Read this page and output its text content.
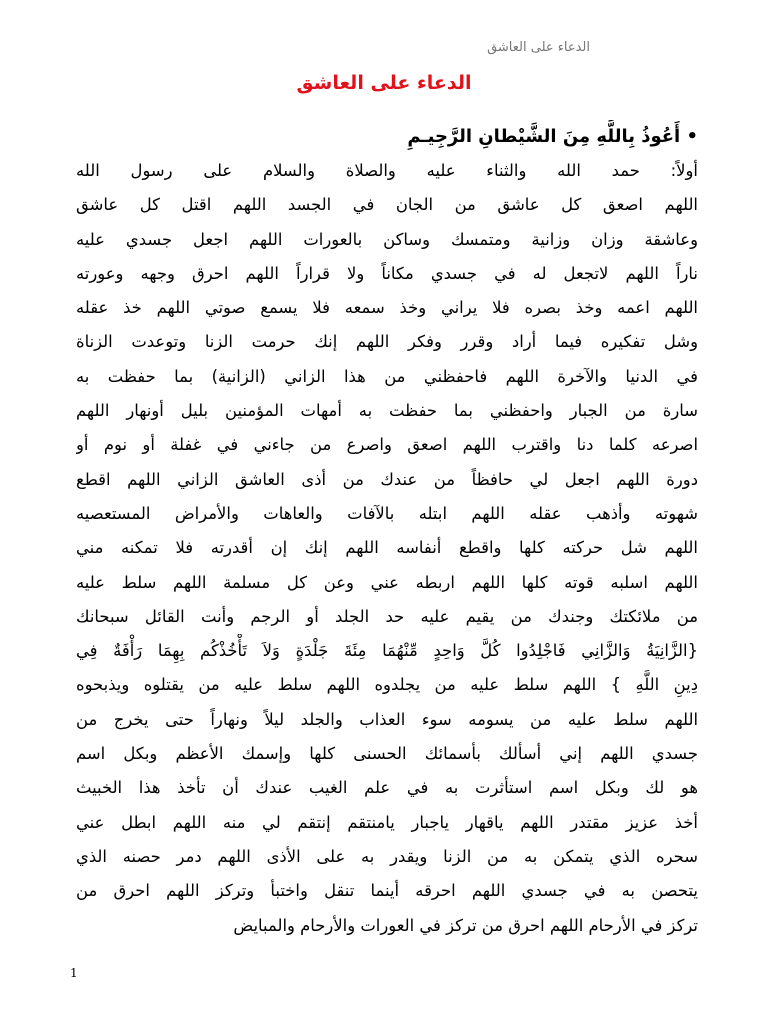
الدعاء على العاشق
الدعاء على العاشق

• أَعُوذُ بِاللَّهِ مِنَ الشَّيْطانِ الرَّجِيـمِ

أولاً: حمد الله والثناء عليه والصلاة والسلام على رسول الله

اللهم اصعق كل عاشق من الجان في الجسد اللهم اقتل كل عاشق

وعاشقة وزان وزانية ومتمسك وساكن بالعورات اللهم اجعل جسدي عليه

ناراً اللهم لاتجعل له في جسدي مكاناً ولا قراراً اللهم احرق وجهه وعورته

اللهم اعمه وخذ بصره فلا يراني وخذ سمعه فلا يسمع صوتي اللهم خذ عقله

وشل تفكيره فيما أراد وقرر وفكر اللهم إنك حرمت الزنا وتوعدت الزناة

في الدنيا والآخرة اللهم فاحفظني من هذا الزاني (الزانية) بما حفظت به

سارة من الجبار واحفظني بما حفظت به أمهات المؤمنين بليل أونهار اللهم

اصرعه كلما دنا واقترب اللهم اصعق واصرع من جاءني في غفلة أو نوم أو

دورة اللهم اجعل لي حافظاً من عندك من أذى العاشق الزاني اللهم اقطع

شهوته وأذهب عقله اللهم ابتله بالآفات والعاهات والأمراض المستعصيه

اللهم شل حركته كلها واقطع أنفاسه اللهم إنك إن أقدرته فلا تمكنه مني

اللهم اسلبه قوته كلها اللهم اربطه عني وعن كل مسلمة اللهم سلط عليه

من ملائكتك وجندك من يقيم عليه حد الجلد أو الرجم وأنت القائل سبحانك

{الزَّانِيَةُ وَالزَّانِي فَاجْلِدُوا كُلَّ وَاحِدٍ مِّنْهُمَا مِئَةَ جَلْدَةٍ وَلاَ تَأْخُذْكُم بِهِمَا رَأْفَةٌ فِي

دِينِ اللَّهِ } اللهم سلط عليه من يجلدوه اللهم سلط عليه من يقتلوه ويذبحوه

اللهم سلط عليه من يسومه سوء العذاب والجلد ليلاً ونهاراً حتى يخرج من

جسدي اللهم إني أسألك بأسمائك الحسنى كلها وإسمك الأعظم وبكل اسم

هو لك وبكل اسم استأثرت به في علم الغيب عندك أن تأخذ هذا الخبيث

أخذ عزيز مقتدر اللهم ياقهار ياجبار يامنتقم إنتقم لي منه اللهم ابطل عني

سحره الذي يتمكن به من الزنا ويقدر به على الأذى اللهم دمر حصنه الذي

يتحصن به في جسدي اللهم احرقه أينما تنقل واختبأ وتركز اللهم احرق من

تركز في الأرحام اللهم احرق من تركز في العورات والأرحام والمبايض

1
